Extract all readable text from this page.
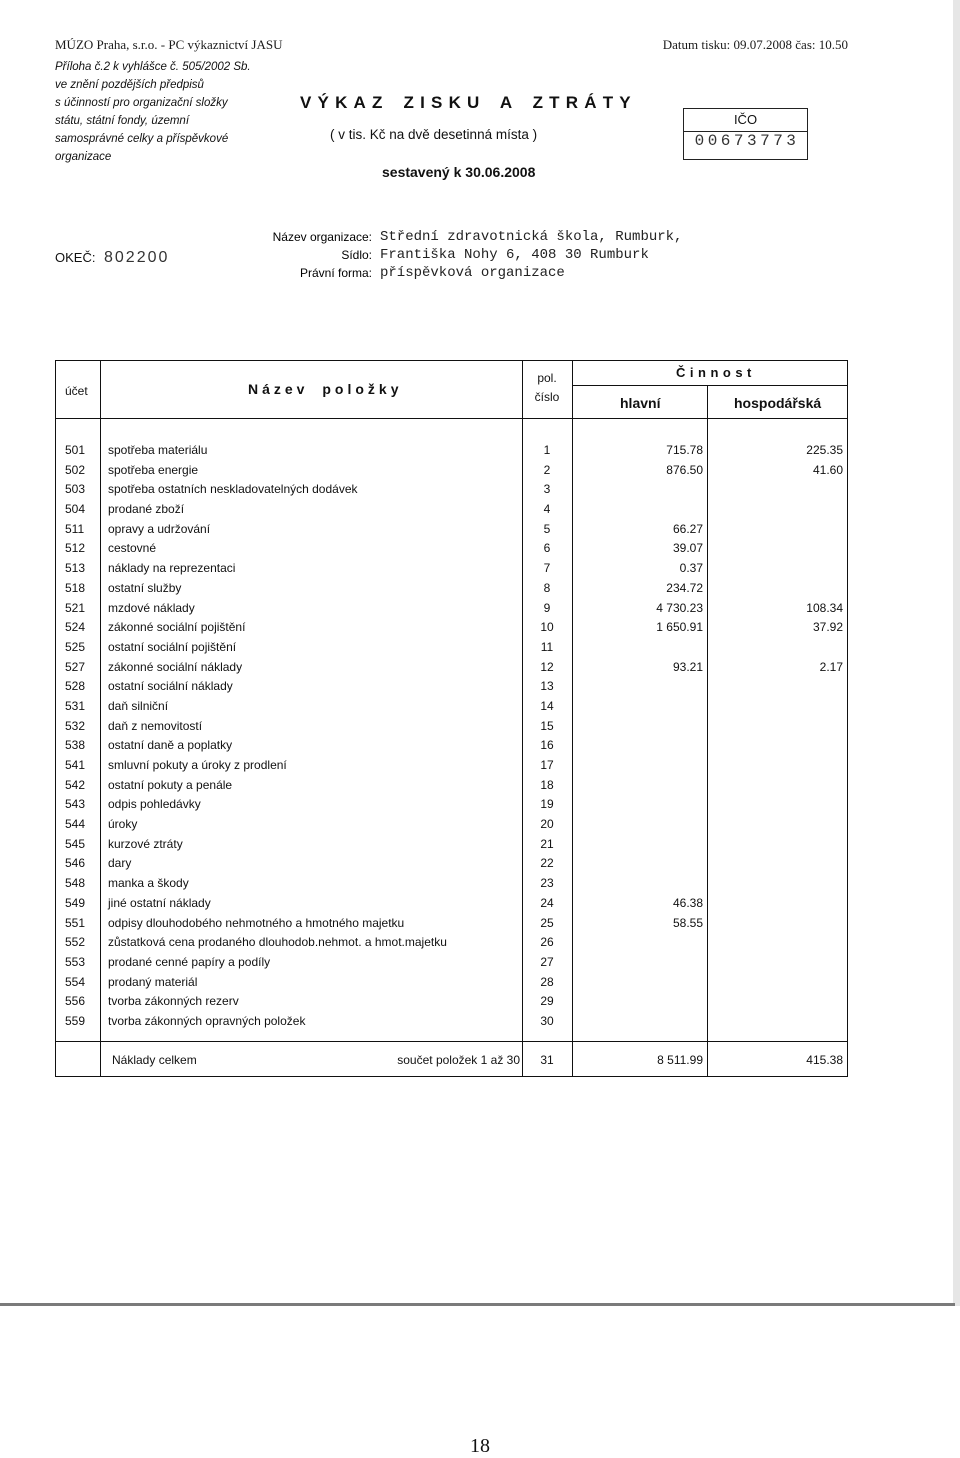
MÚZO Praha, s.r.o. - PC výkaznictví JASU	Datum tisku: 09.07.2008 čas: 10.50
Příloha č.2 k vyhlášce č. 505/2002 Sb.
ve znění pozdějších předpisů
s účinností pro organizační složky
státu, státní fondy, územní
samosprávné celky a příspěvkové
organizace
VÝKAZ ZISKU A ZTRÁTY
( v tis. Kč na dvě desetinná místa )
sestavený k 30.06.2008
IČO
00673773
OKEČ: 802200
Název organizace: Střední zdravotnická škola, Rumburk,
Sídlo: Františka Nohy 6, 408 30 Rumburk
Právní forma: příspěvková organizace
účet	Název položky
pol.
číslo
Činnost
hlavní	hospodářská
501 spotřeba materiálu	1	715.78	225.35
502 spotřeba energie	2	876.50	41.60
503 spotřeba ostatních neskladovatelných dodávek	3
504 prodané zboží	4
511 opravy a udržování	5	66.27
512 cestovné	6	39.07
513 náklady na reprezentaci	7	0.37
518 ostatní služby	8	234.72
521 mzdové náklady	9	4 730.23	108.34
524 zákonné sociální pojištění	10	1 650.91	37.92
525 ostatní sociální pojištění	11
527 zákonné sociální náklady	12	93.21	2.17
528 ostatní sociální náklady	13
531 daň silniční	14
532 daň z nemovitostí	15
538 ostatní daně a poplatky	16
541 smluvní pokuty a úroky z prodlení	17
542 ostatní pokuty a penále	18
543 odpis pohledávky	19
544 úroky	20
545 kurzové ztráty	21
546 dary	22
548 manka a škody	23
549 jiné ostatní náklady	24	46.38
551 odpisy dlouhodobého nehmotného a hmotného majetku	25	58.55
552 zůstatková cena prodaného dlouhodob.nehmot. a hmot.majetku	26
553 prodané cenné papíry a podíly	27
554 prodaný materiál	28
556 tvorba zákonných rezerv	29
559 tvorba zákonných opravných položek	30
Náklady celkem	součet položek 1 až 30	31	8 511.99	415.38
18
